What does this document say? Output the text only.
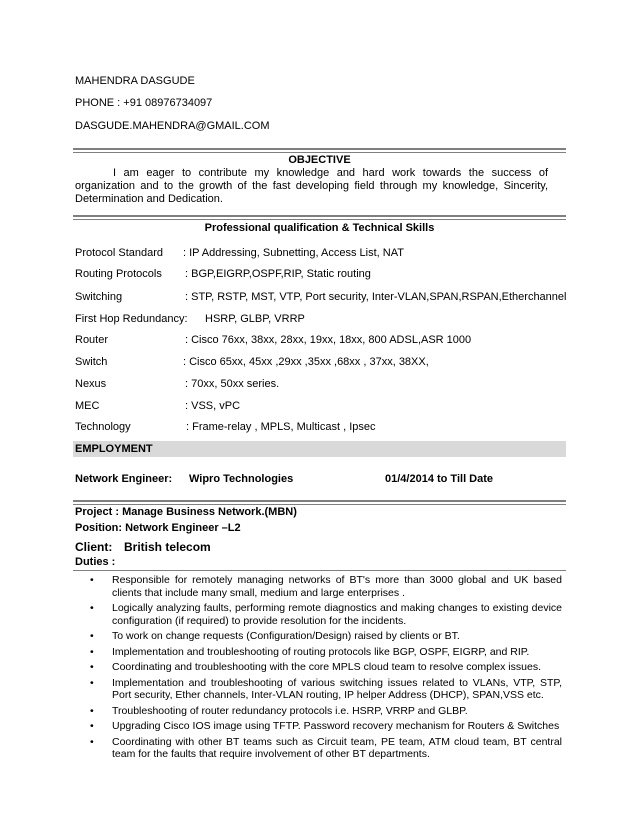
MAHENDRA DASGUDE
PHONE : +91 08976734097
DASGUDE.MAHENDRA@GMAIL.COM
OBJECTIVE
I am eager to contribute my knowledge and hard work towards the success of organization and to the growth of the fast developing field through my knowledge, Sincerity, Determination and Dedication.
Professional qualification & Technical Skills
Protocol Standard : IP Addressing, Subnetting, Access List, NAT
Routing Protocols : BGP,EIGRP,OSPF,RIP, Static routing
Switching	: STP, RSTP, MST, VTP, Port security, Inter-VLAN,SPAN,RSPAN,Etherchannel
First Hop Redundancy: HSRP, GLBP, VRRP
Router	: Cisco 76xx, 38xx, 28xx, 19xx, 18xx, 800 ADSL,ASR 1000
Switch	: Cisco 65xx, 45xx ,29xx ,35xx ,68xx , 37xx, 38XX,
Nexus	: 70xx, 50xx series.
MEC	: VSS, vPC
Technology	: Frame-relay , MPLS, Multicast , Ipsec
EMPLOYMENT
Network Engineer: Wipro Technologies	01/4/2014 to Till Date
Project : Manage Business Network.(MBN)
Position: Network Engineer –L2
Client: British telecom
Duties :
• Responsible for remotely managing networks of BT's more than 3000 global and UK based clients that include many small, medium and large enterprises .
• Logically analyzing faults, performing remote diagnostics and making changes to existing device configuration (if required) to provide resolution for the incidents.
• To work on change requests (Configuration/Design) raised by clients or BT.
• Implementation and troubleshooting of routing protocols like BGP, OSPF, EIGRP, and RIP.
• Coordinating and troubleshooting with the core MPLS cloud team to resolve complex issues.
• Implementation and troubleshooting of various switching issues related to VLANs, VTP, STP, Port security, Ether channels, Inter-VLAN routing, IP helper Address (DHCP), SPAN,VSS etc.
• Troubleshooting of router redundancy protocols i.e. HSRP, VRRP and GLBP.
• Upgrading Cisco IOS image using TFTP. Password recovery mechanism for Routers & Switches
• Coordinating with other BT teams such as Circuit team, PE team, ATM cloud team, BT central team for the faults that require involvement of other BT departments.
